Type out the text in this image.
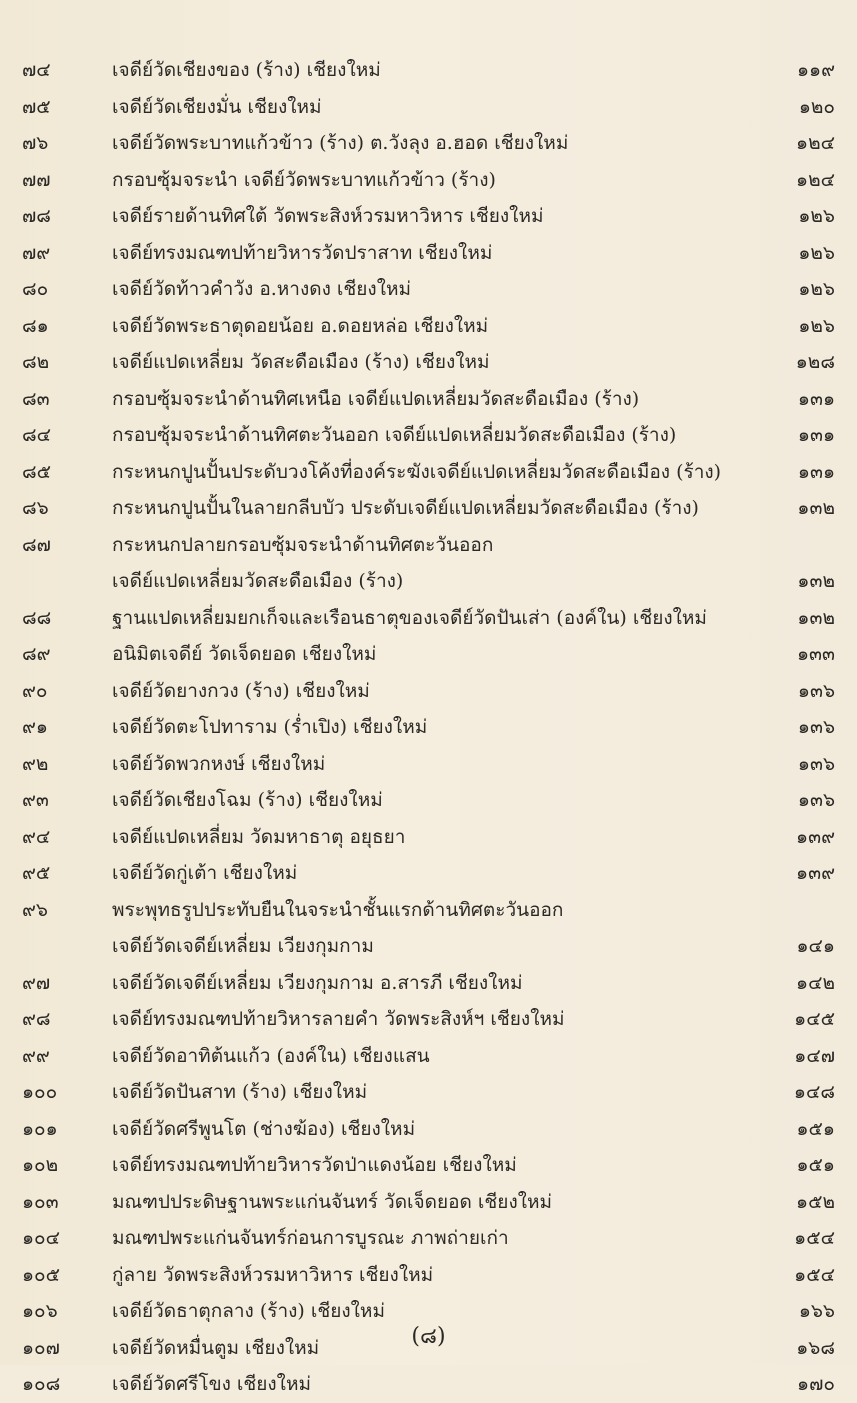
๗๔	เจดีย์วัดเชียงของ (ร้าง) เชียงใหม่	๑๑๙
๗๕	เจดีย์วัดเชียงมั่น เชียงใหม่	๑๒๐
๗๖	เจดีย์วัดพระบาทแก้วข้าว (ร้าง) ต.วังลุง อ.ฮอด เชียงใหม่	๑๒๔
๗๗	กรอบซุ้มจระนำ เจดีย์วัดพระบาทแก้วข้าว (ร้าง)	๑๒๔
๗๘	เจดีย์รายด้านทิศใต้ วัดพระสิงห์วรมหาวิหาร เชียงใหม่	๑๒๖
๗๙	เจดีย์ทรงมณฑปท้ายวิหารวัดปราสาท เชียงใหม่	๑๒๖
๘๐	เจดีย์วัดท้าวคำวัง อ.หางดง เชียงใหม่	๑๒๖
๘๑	เจดีย์วัดพระธาตุดอยน้อย อ.ดอยหล่อ เชียงใหม่	๑๒๖
๘๒	เจดีย์แปดเหลี่ยม วัดสะดือเมือง (ร้าง) เชียงใหม่	๑๒๘
๘๓	กรอบซุ้มจระนำด้านทิศเหนือ เจดีย์แปดเหลี่ยมวัดสะดือเมือง (ร้าง)	๑๓๑
๘๔	กรอบซุ้มจระนำด้านทิศตะวันออก เจดีย์แปดเหลี่ยมวัดสะดือเมือง (ร้าง)	๑๓๑
๘๕	กระหนกปูนปั้นประดับวงโค้งที่องค์ระฆังเจดีย์แปดเหลี่ยมวัดสะดือเมือง (ร้าง)	๑๓๑
๘๖	กระหนกปูนปั้นในลายกลีบบัว ประดับเจดีย์แปดเหลี่ยมวัดสะดือเมือง (ร้าง)	๑๓๒
๘๗	กระหนกปลายกรอบซุ้มจระนำด้านทิศตะวันออก
เจดีย์แปดเหลี่ยมวัดสะดือเมือง (ร้าง)	๑๓๒
๘๘	ฐานแปดเหลี่ยมยกเก็จและเรือนธาตุของเจดีย์วัดปันเส่า (องค์ใน) เชียงใหม่	๑๓๒
๘๙	อนิมิตเจดีย์ วัดเจ็ดยอด เชียงใหม่	๑๓๓
๙๐	เจดีย์วัดยางกวง (ร้าง) เชียงใหม่	๑๓๖
๙๑	เจดีย์วัดตะโปทาราม (ร่ำเปิง) เชียงใหม่	๑๓๖
๙๒	เจดีย์วัดพวกหงษ์ เชียงใหม่	๑๓๖
๙๓	เจดีย์วัดเชียงโฉม (ร้าง) เชียงใหม่	๑๓๖
๙๔	เจดีย์แปดเหลี่ยม วัดมหาธาตุ อยุธยา	๑๓๙
๙๕	เจดีย์วัดกู่เต้า เชียงใหม่	๑๓๙
๙๖	พระพุทธรูปประทับยืนในจระนำชั้นแรกด้านทิศตะวันออก
เจดีย์วัดเจดีย์เหลี่ยม เวียงกุมกาม	๑๔๑
๙๗	เจดีย์วัดเจดีย์เหลี่ยม เวียงกุมกาม อ.สารภี เชียงใหม่	๑๔๒
๙๘	เจดีย์ทรงมณฑปท้ายวิหารลายคำ วัดพระสิงห์ฯ เชียงใหม่	๑๔๕
๙๙	เจดีย์วัดอาทิต้นแก้ว (องค์ใน) เชียงแสน	๑๔๗
๑๐๐	เจดีย์วัดปันสาท (ร้าง) เชียงใหม่	๑๔๘
๑๐๑	เจดีย์วัดศรีพูนโต (ช่างฆ้อง) เชียงใหม่	๑๕๑
๑๐๒	เจดีย์ทรงมณฑปท้ายวิหารวัดป่าแดงน้อย เชียงใหม่	๑๕๑
๑๐๓	มณฑปประดิษฐานพระแก่นจันทร์ วัดเจ็ดยอด เชียงใหม่	๑๕๒
๑๐๔	มณฑปพระแก่นจันทร์ก่อนการบูรณะ ภาพถ่ายเก่า	๑๕๔
๑๐๕	กู่ลาย วัดพระสิงห์วรมหาวิหาร เชียงใหม่	๑๕๔
๑๐๖	เจดีย์วัดธาตุกลาง (ร้าง) เชียงใหม่	๑๖๖
๑๐๗	เจดีย์วัดหมื่นตูม เชียงใหม่	๑๖๘
๑๐๘	เจดีย์วัดศรีโขง เชียงใหม่	๑๗๐
(๘)
